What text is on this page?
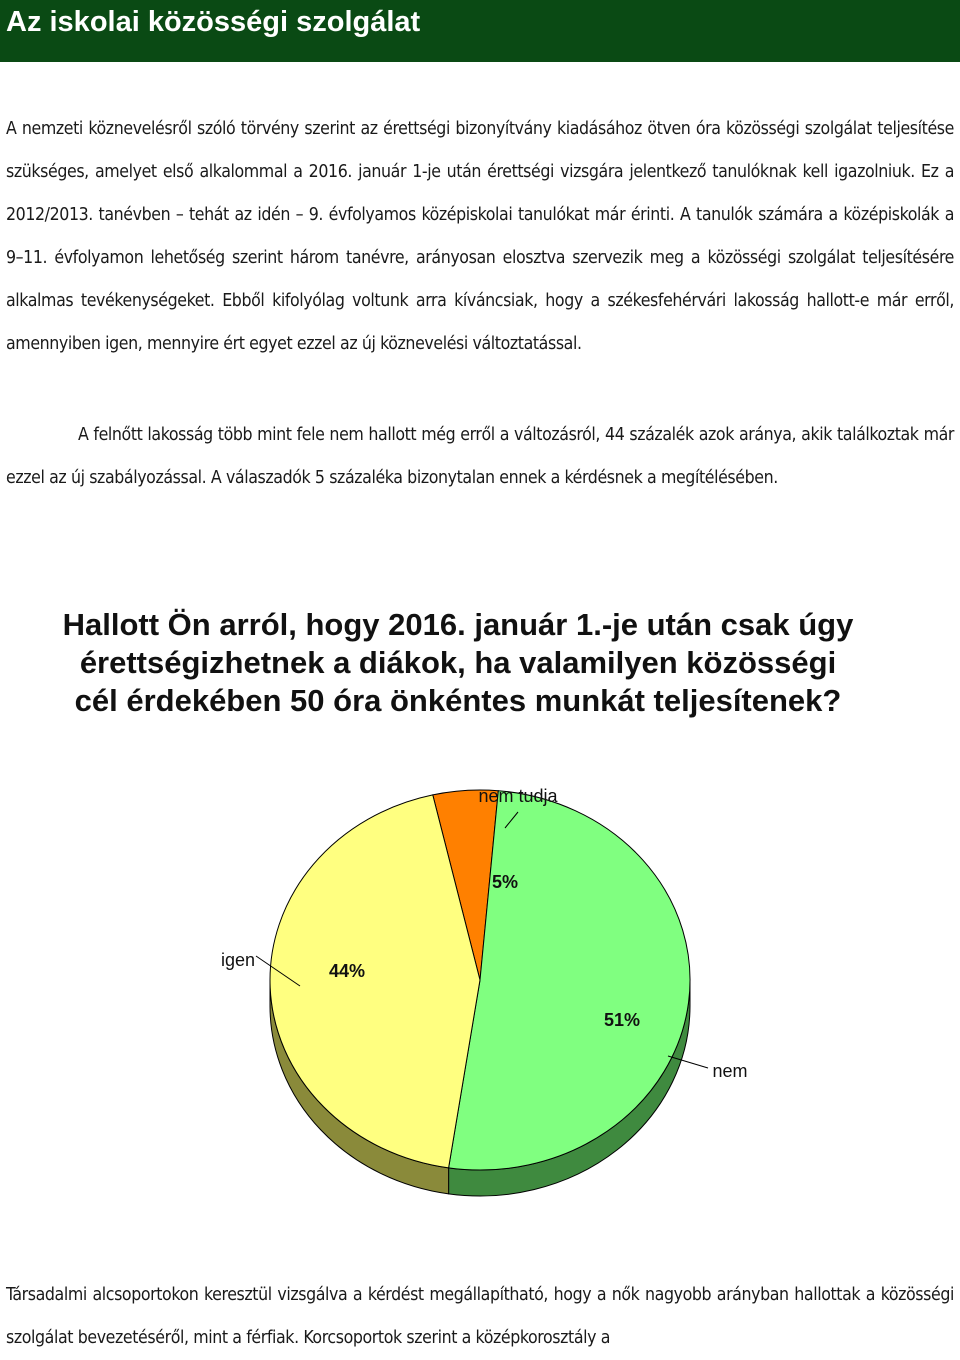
Az iskolai közösségi szolgálat

A nemzeti köznevelésről szóló törvény szerint az érettségi bizonyítvány kiadásához ötven óra közösségi szolgálat teljesítése szükséges, amelyet első alkalommal a 2016. január 1-je után érettségi vizsgára jelentkező tanulóknak kell igazolniuk. Ez a 2012/2013. tanévben – tehát az idén – 9. évfolyamos középiskolai tanulókat már érinti. A tanulók számára a középiskolák a 9–11. évfolyamon lehetőség szerint három tanévre, arányosan elosztva szervezik meg a közösségi szolgálat teljesítésére alkalmas tevékenységeket. Ebből kifolyólag voltunk arra kíváncsiak, hogy a székesfehérvári lakosság hallott-e már erről, amennyiben igen, mennyire ért egyet ezzel az új köznevelési változtatással.

A felnőtt lakosság több mint fele nem hallott még erről a változásról, 44 százalék azok aránya, akik találkoztak már ezzel az új szabályozással. A válaszadók 5 százaléka bizonytalan ennek a kérdésnek a megítélésében.

Hallott Ön arról, hogy 2016. január 1.-je után csak úgy érettségizhetnek a diákok, ha valamilyen közösségi cél érdekében 50 óra önkéntes munkát teljesítenek?
nem tudja
5%
nem
51%
igen
44%

Társadalmi alcsoportokon keresztül vizsgálva a kérdést megállapítható, hogy a nők nagyobb arányban hallottak a közösségi szolgálat bevezetéséről, mint a férfiak. Korcsoportok szerint a középkorosztály a
